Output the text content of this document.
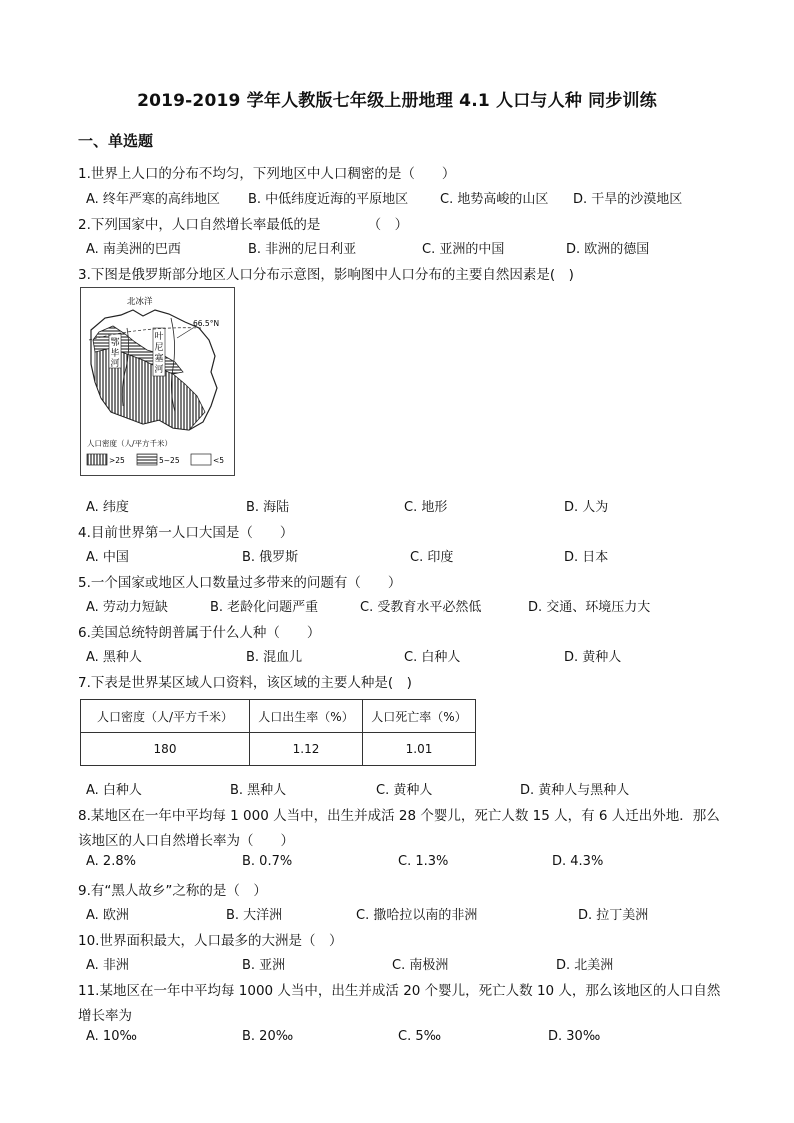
2019-2019 学年人教版七年级上册地理 4.1 人口与人种 同步训练
一、单选题
1.世界上人口的分布不均匀，下列地区中人口稠密的是（　　）
A. 终年严寒的高纬地区 B. 中低纬度近海的平原地区 C. 地势高峻的山区 D. 干旱的沙漠地区
2.下列国家中，人口自然增长率最低的是　　　　（　）
A. 南美洲的巴西	B. 非洲的尼日利亚	C. 亚洲的中国	D. 欧洲的德国
3.下图是俄罗斯部分地区人口分布示意图，影响图中人口分布的主要自然因素是(　)
鄂
毕
河
叶
尼
塞
河
北冰洋
66.5°N
人口密度（人/平方千米）
>25	5~25	<5
A. 纬度	B. 海陆	C. 地形	D. 人为
4.目前世界第一人口大国是（　　）
A. 中国	B. 俄罗斯	C. 印度	D. 日本
5.一个国家或地区人口数量过多带来的问题有（　　）
A. 劳动力短缺	B. 老龄化问题严重	C. 受教育水平必然低	D. 交通、环境压力大
6.美国总统特朗普属于什么人种（　　）
A. 黑种人	B. 混血儿	C. 白种人	D. 黄种人
7.下表是世界某区域人口资料，该区域的主要人种是(　)
人口密度（人/平方千米）	人口出生率（%）	人口死亡率（%）
180	1.12	1.01
A. 白种人	B. 黑种人	C. 黄种人	D. 黄种人与黑种人
8.某地区在一年中平均每 1 000 人当中，出生并成活 28 个婴儿，死亡人数 15 人，有 6 人迁出外地．那么
该地区的人口自然增长率为（　　）
A. 2.8%	B. 0.7%	C. 1.3%	D. 4.3%
9.有“黑人故乡”之称的是（　）
A. 欧洲	B. 大洋洲	C. 撒哈拉以南的非洲	D. 拉丁美洲
10.世界面积最大，人口最多的大洲是（　）
A. 非洲	B. 亚洲	C. 南极洲	D. 北美洲
11.某地区在一年中平均每 1000 人当中，出生并成活 20 个婴儿，死亡人数 10 人，那么该地区的人口自然
增长率为
A. 10‰	B. 20‰	C. 5‰	D. 30‰
